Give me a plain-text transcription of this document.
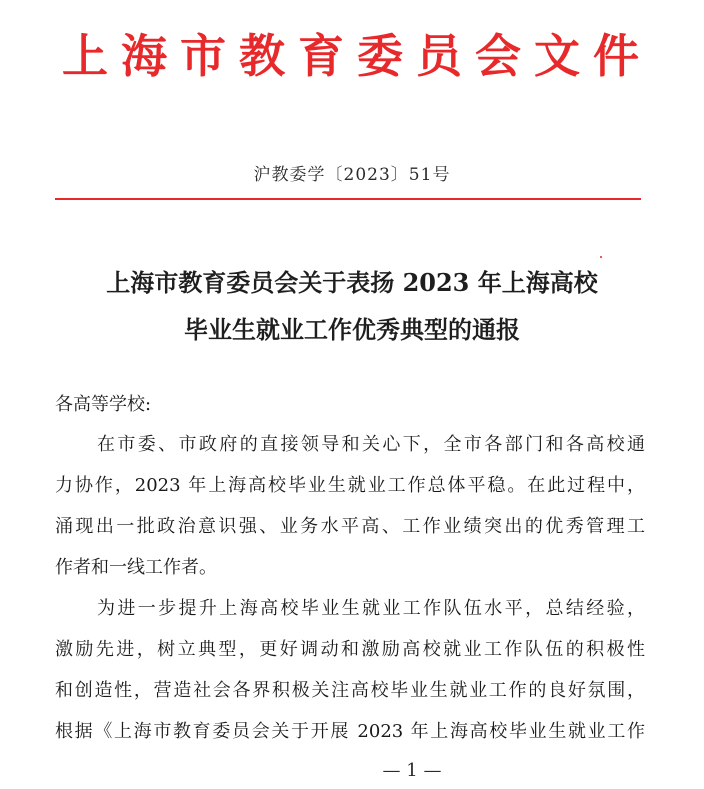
上海市教育委员会文件
沪教委学〔2023〕51号
上海市教育委员会关于表扬 2023 年上海高校
毕业生就业工作优秀典型的通报
各高等学校:
在市委、市政府的直接领导和关心下，全市各部门和各高校通
力协作，2023 年上海高校毕业生就业工作总体平稳。在此过程中，
涌现出一批政治意识强、业务水平高、工作业绩突出的优秀管理工
作者和一线工作者。
为进一步提升上海高校毕业生就业工作队伍水平，总结经验，
激励先进，树立典型，更好调动和激励高校就业工作队伍的积极性
和创造性，营造社会各界积极关注高校毕业生就业工作的良好氛围，
根据《上海市教育委员会关于开展 2023 年上海高校毕业生就业工作
— 1 —
